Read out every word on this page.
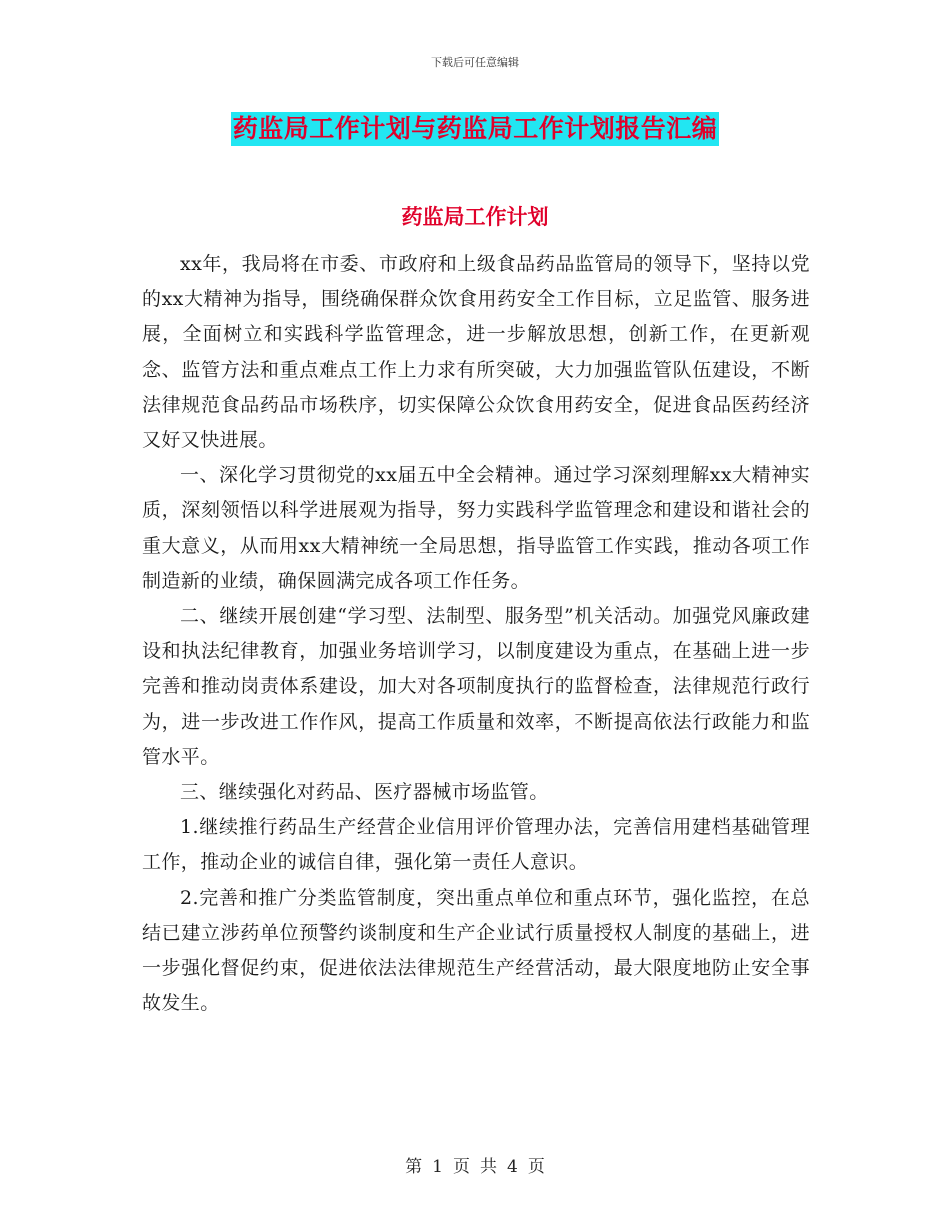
下载后可任意编辑
药监局工作计划与药监局工作计划报告汇编
药监局工作计划

xx年，我局将在市委、市政府和上级食品药品监管局的领导下，坚持以党的xx大精神为指导，围绕确保群众饮食用药安全工作目标，立足监管、服务进展，全面树立和实践科学监管理念，进一步解放思想，创新工作，在更新观念、监管方法和重点难点工作上力求有所突破，大力加强监管队伍建设，不断法律规范食品药品市场秩序，切实保障公众饮食用药安全，促进食品医药经济又好又快进展。

一、深化学习贯彻党的xx届五中全会精神。通过学习深刻理解xx大精神实质，深刻领悟以科学进展观为指导，努力实践科学监管理念和建设和谐社会的重大意义，从而用xx大精神统一全局思想，指导监管工作实践，推动各项工作制造新的业绩，确保圆满完成各项工作任务。

二、继续开展创建“学习型、法制型、服务型”机关活动。加强党风廉政建设和执法纪律教育，加强业务培训学习，以制度建设为重点，在基础上进一步完善和推动岗责体系建设，加大对各项制度执行的监督检查，法律规范行政行为，进一步改进工作作风，提高工作质量和效率，不断提高依法行政能力和监管水平。

三、继续强化对药品、医疗器械市场监管。

1.继续推行药品生产经营企业信用评价管理办法，完善信用建档基础管理工作，推动企业的诚信自律，强化第一责任人意识。

2.完善和推广分类监管制度，突出重点单位和重点环节，强化监控，在总结已建立涉药单位预警约谈制度和生产企业试行质量授权人制度的基础上，进一步强化督促约束，促进依法法律规范生产经营活动，最大限度地防止安全事故发生。

第 1 页 共 4 页
